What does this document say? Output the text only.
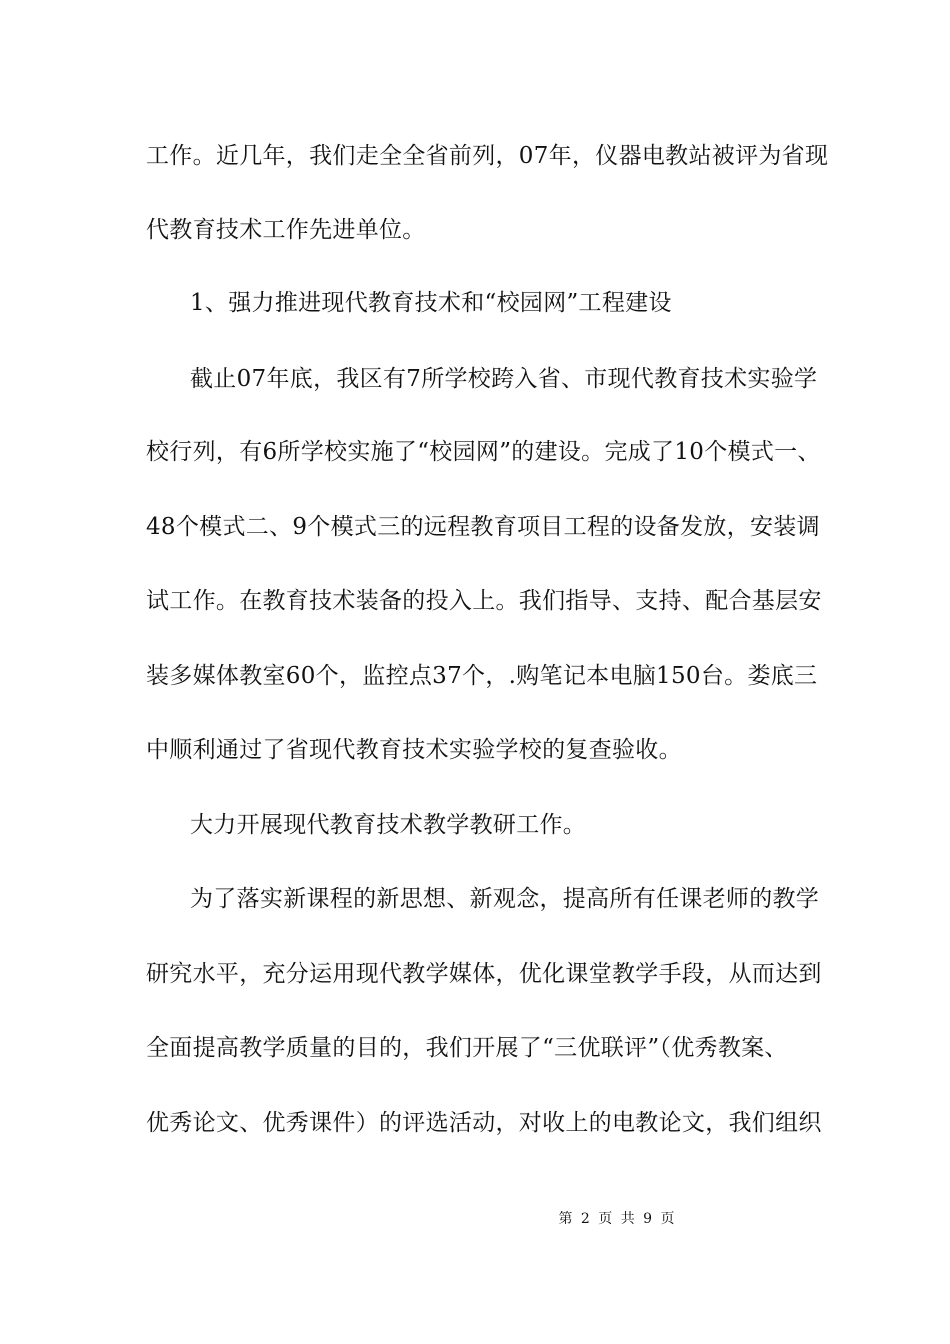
工作。近几年，我们走全全省前列，07年，仪器电教站被评为省现
代教育技术工作先进单位。
1、强力推进现代教育技术和“校园网”工程建设
截止07年底，我区有7所学校跨入省、市现代教育技术实验学
校行列，有6所学校实施了“校园网”的建设。完成了10个模式一、
48个模式二、9个模式三的远程教育项目工程的设备发放，安装调
试工作。在教育技术装备的投入上。我们指导、支持、配合基层安
装多媒体教室60个，监控点37个，.购笔记本电脑150台。娄底三
中顺利通过了省现代教育技术实验学校的复查验收。
大力开展现代教育技术教学教研工作。
为了落实新课程的新思想、新观念，提高所有任课老师的教学
研究水平，充分运用现代教学媒体，优化课堂教学手段，从而达到
全面提高教学质量的目的，我们开展了“三优联评”（优秀教案、
优秀论文、优秀课件）的评选活动，对收上的电教论文，我们组织
第 2 页 共 9 页
